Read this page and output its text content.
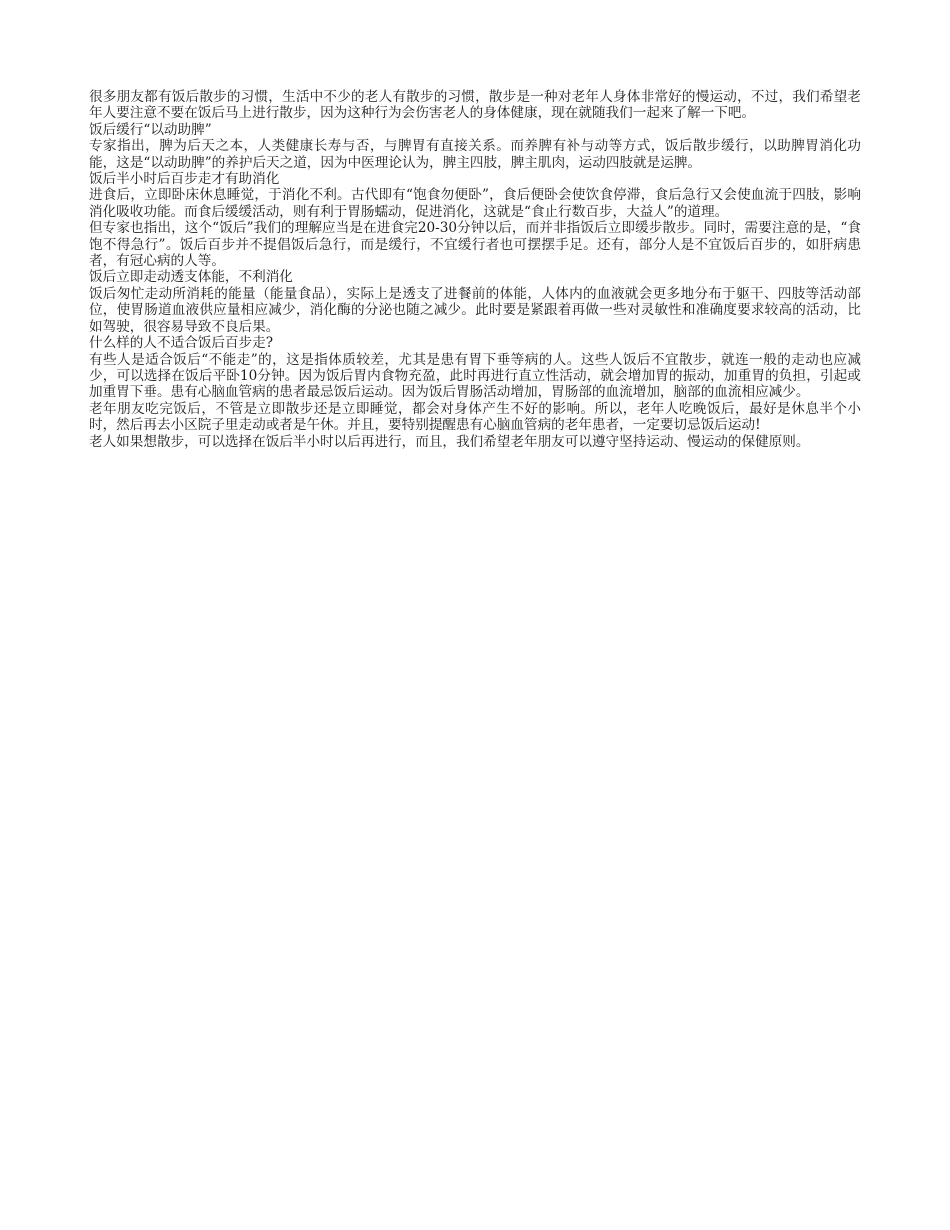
很多朋友都有饭后散步的习惯，生活中不少的老人有散步的习惯，散步是一种对老年人身体非常好的慢运动，不过，我们希望老年人要注意不要在饭后马上进行散步，因为这种行为会伤害老人的身体健康，现在就随我们一起来了解一下吧。

饭后缓行“以动助脾”

专家指出，脾为后天之本，人类健康长寿与否，与脾胃有直接关系。而养脾有补与动等方式，饭后散步缓行，以助脾胃消化功能，这是“以动助脾”的养护后天之道，因为中医理论认为，脾主四肢，脾主肌肉，运动四肢就是运脾。

饭后半小时后百步走才有助消化

进食后，立即卧床休息睡觉，于消化不利。古代即有“饱食勿便卧”，食后便卧会使饮食停滞，食后急行又会使血流于四肢，影响消化吸收功能。而食后缓缓活动，则有利于胃肠蠕动，促进消化，这就是“食止行数百步，大益人”的道理。

但专家也指出，这个“饭后”我们的理解应当是在进食完20-30分钟以后，而并非指饭后立即缓步散步。同时，需要注意的是，“食饱不得急行”。饭后百步并不提倡饭后急行，而是缓行，不宜缓行者也可摆摆手足。还有，部分人是不宜饭后百步的，如肝病患者，有冠心病的人等。

饭后立即走动透支体能，不利消化

饭后匆忙走动所消耗的能量（能量食品），实际上是透支了进餐前的体能，人体内的血液就会更多地分布于躯干、四肢等活动部位，使胃肠道血液供应量相应减少，消化酶的分泌也随之减少。此时要是紧跟着再做一些对灵敏性和准确度要求较高的活动，比如驾驶，很容易导致不良后果。

什么样的人不适合饭后百步走?

有些人是适合饭后“不能走”的，这是指体质较差，尤其是患有胃下垂等病的人。这些人饭后不宜散步，就连一般的走动也应减少，可以选择在饭后平卧10分钟。因为饭后胃内食物充盈，此时再进行直立性活动，就会增加胃的振动，加重胃的负担，引起或加重胃下垂。患有心脑血管病的患者最忌饭后运动。因为饭后胃肠活动增加，胃肠部的血流增加，脑部的血流相应减少。

老年朋友吃完饭后，不管是立即散步还是立即睡觉，都会对身体产生不好的影响。所以，老年人吃晚饭后，最好是休息半个小时，然后再去小区院子里走动或者是午休。并且，要特别提醒患有心脑血管病的老年患者，一定要切忌饭后运动!

老人如果想散步，可以选择在饭后半小时以后再进行，而且，我们希望老年朋友可以遵守坚持运动、慢运动的保健原则。
